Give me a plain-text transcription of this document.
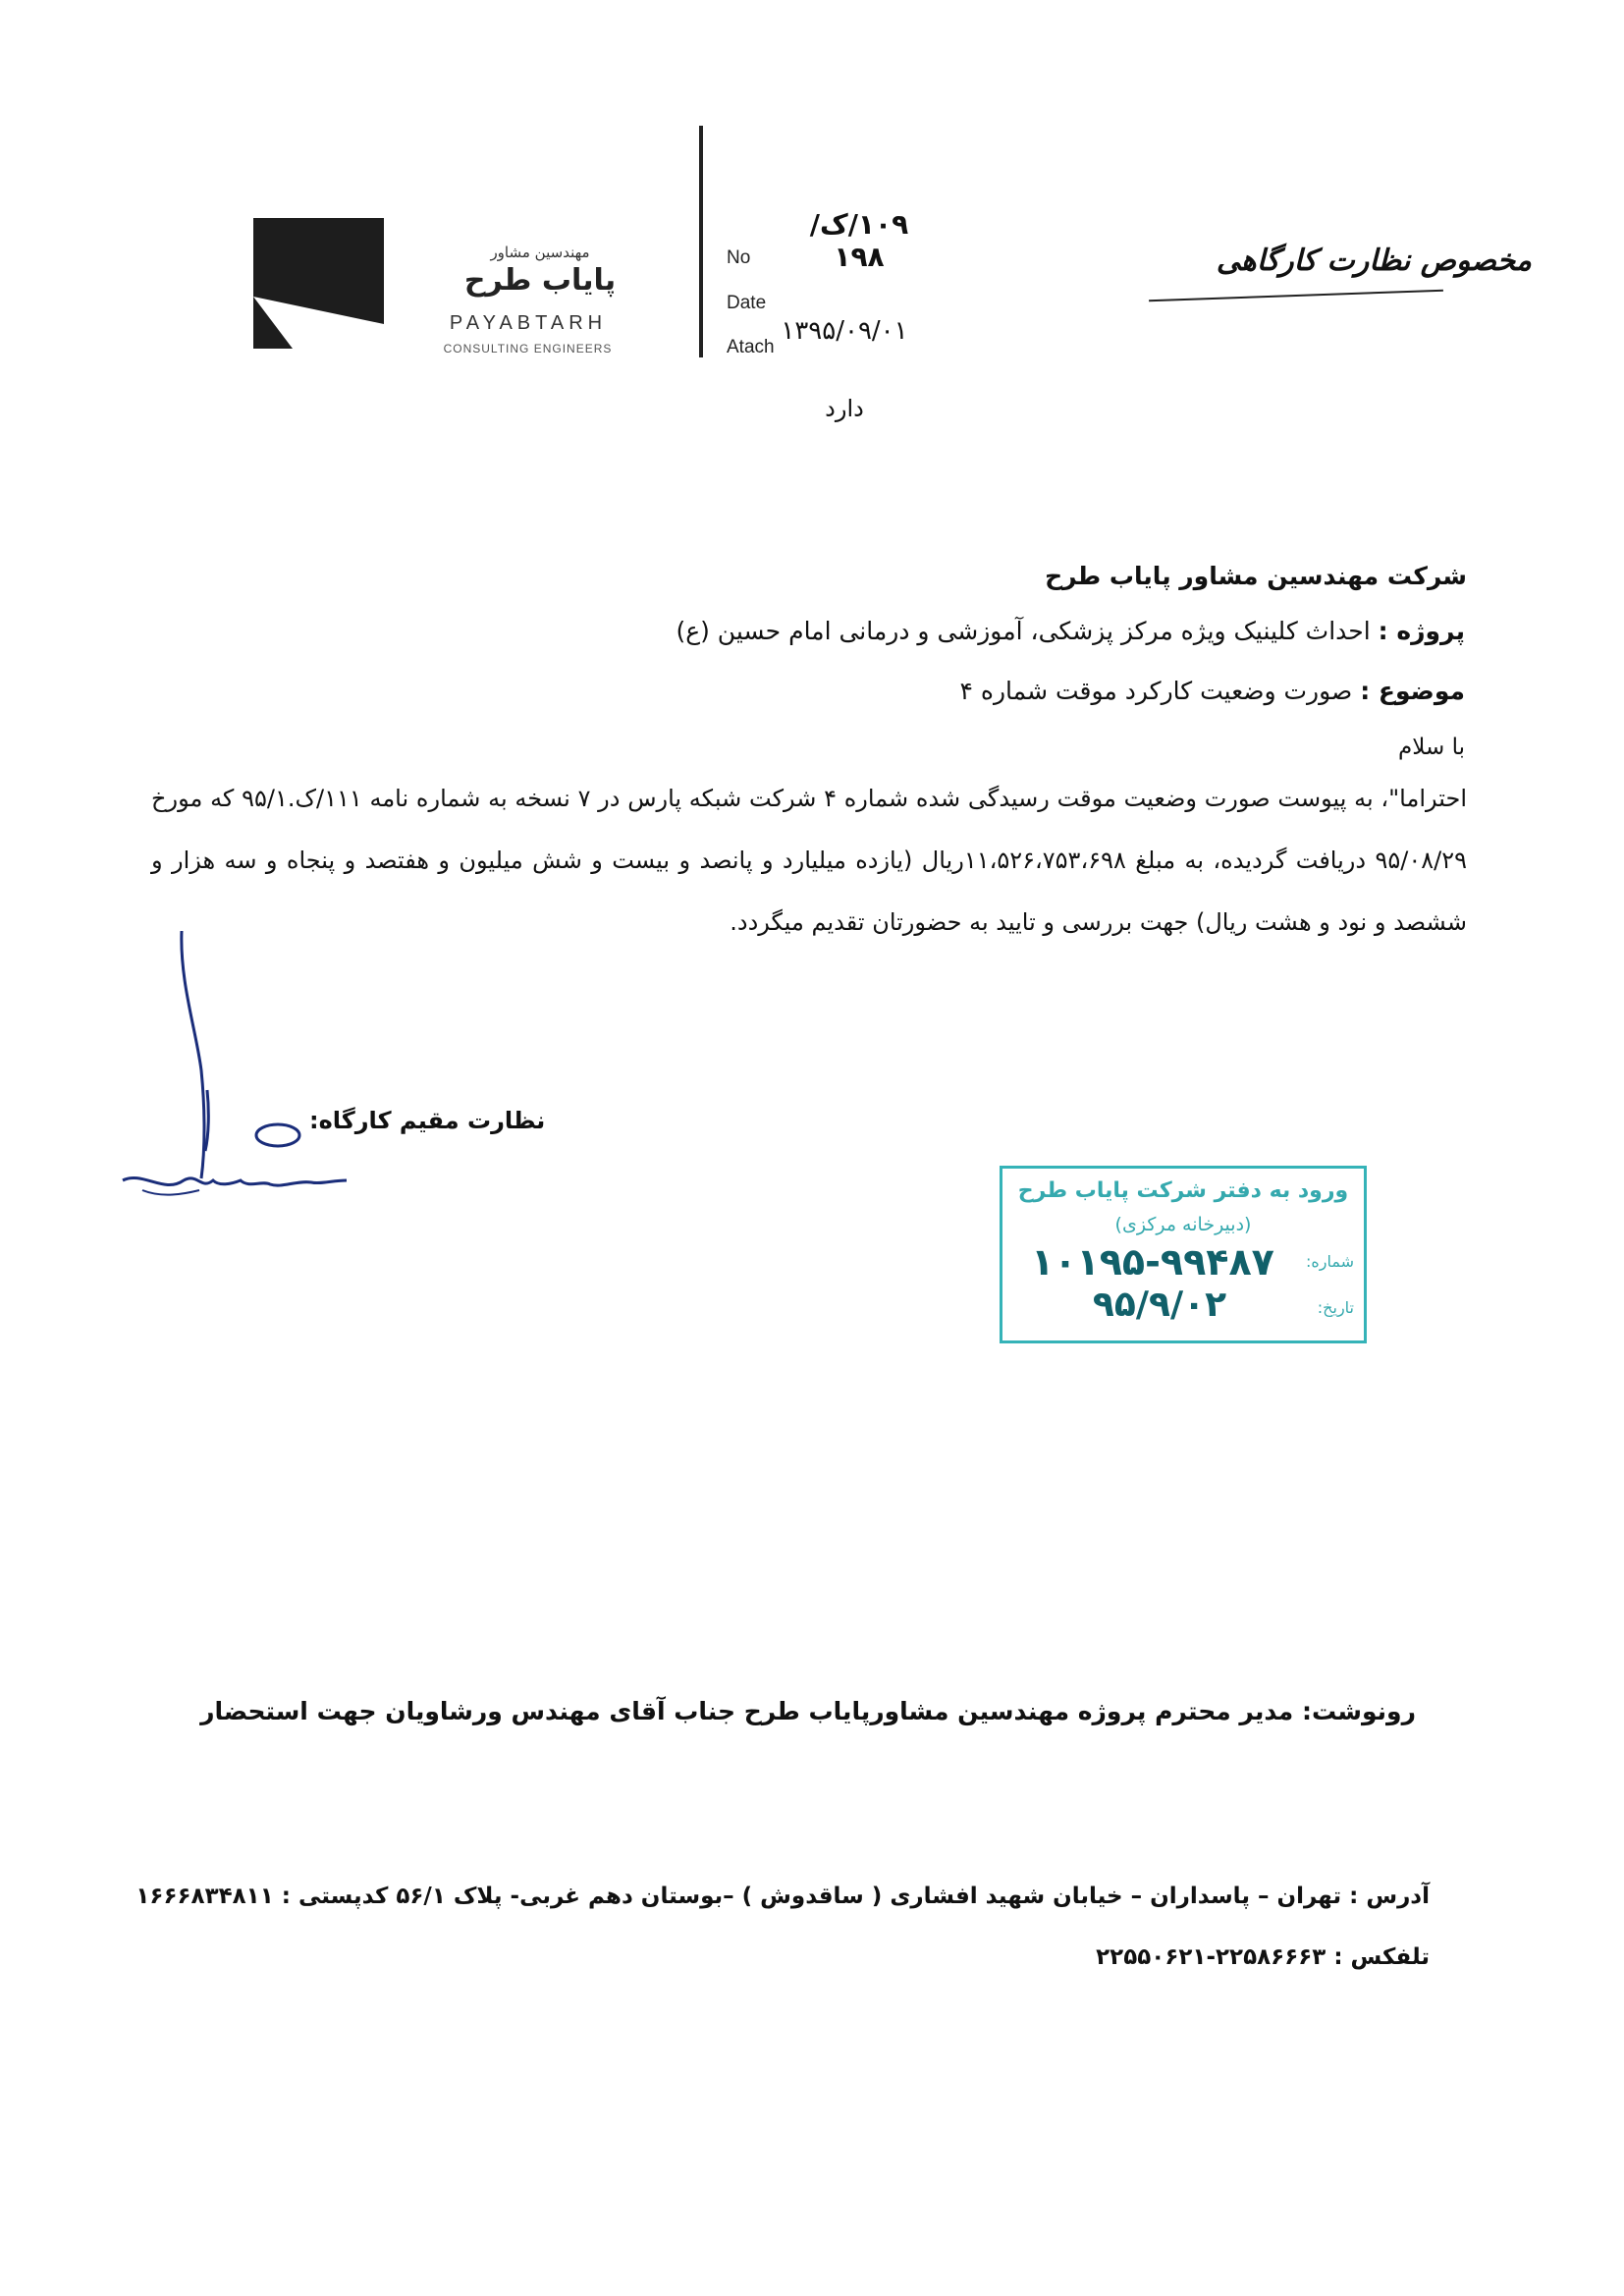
مهندسین مشاور
پایاب طرح
PAYABTARH
CONSULTING ENGINEERS
No
Date
Atach
۱۰۹/ک/۱۹۸
۱۳۹۵/۰۹/۰۱
دارد
مخصوص نظارت کارگاهی
شرکت مهندسین مشاور پایاب طرح
پروژه : احداث کلینیک ویژه مرکز پزشکی، آموزشی و درمانی امام حسین (ع)
موضوع : صورت وضعیت کارکرد موقت شماره ۴
با سلام
احتراما"، به پیوست صورت وضعیت موقت رسیدگی شده شماره ۴ شرکت شبکه پارس در ۷ نسخه به شماره نامه ۱۱۱/ک.۹۵/۱ که مورخ ۹۵/۰۸/۲۹ دریافت گردیده، به مبلغ ۱۱،۵۲۶،۷۵۳،۶۹۸ریال (یازده میلیارد و پانصد و بیست و شش میلیون و هفتصد و پنجاه و سه هزار و ششصد و نود و هشت ریال) جهت بررسی و تایید به حضورتان تقدیم میگردد.
نظارت مقیم کارگاه:
ورود به دفتر شرکت پایاب طرح
(دبیرخانه مرکزی)
شماره:
تاریخ:
۱۰۱۹۵-۹۹۴۸۷
۹۵/۹/۰۲
رونوشت: مدیر محترم پروژه مهندسین مشاورپایاب طرح جناب آقای مهندس ورشاویان جهت استحضار
آدرس : تهران – پاسداران – خیابان شهید افشاری ( ساقدوش ) –بوستان دهم غربی- پلاک ۵۶/۱ کدپستی : ۱۶۶۶۸۳۴۸۱۱
تلفکس : ۲۲۵۸۶۶۶۳-۲۲۵۵۰۶۲۱
